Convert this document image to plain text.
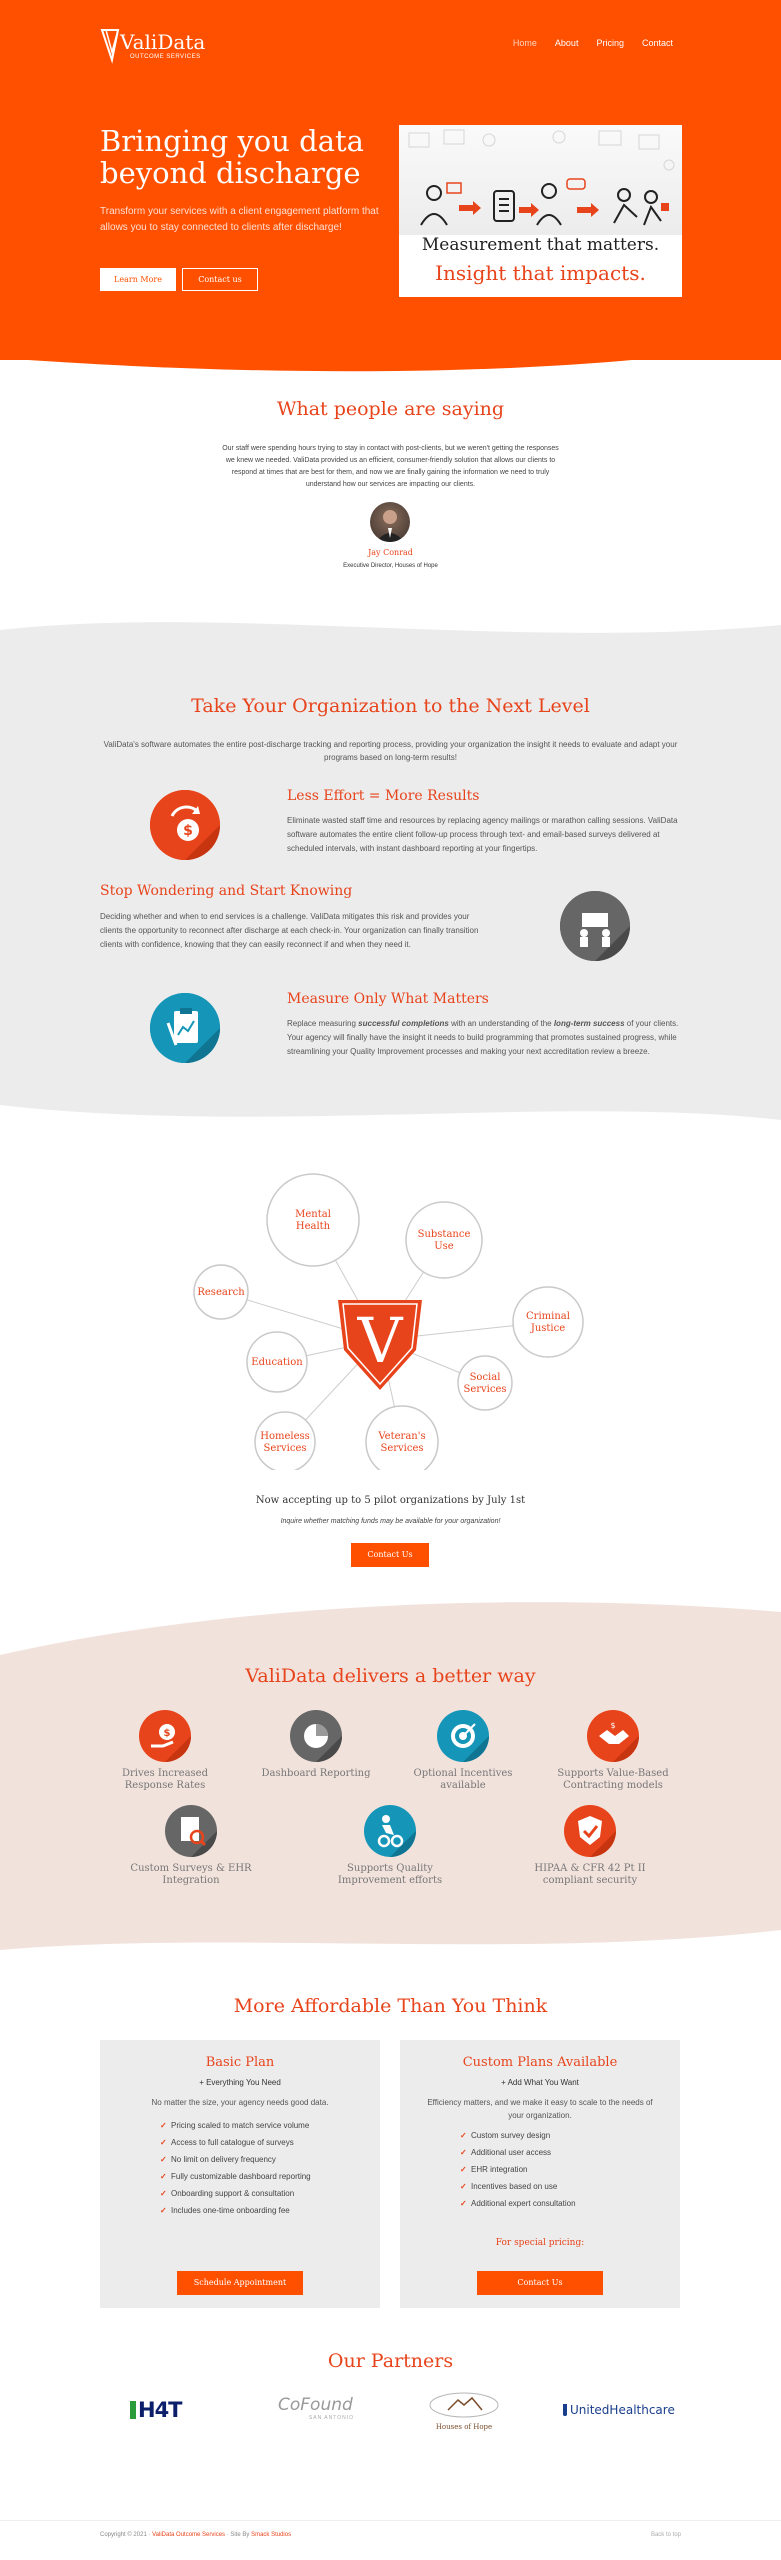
ValiData
OUTCOME SERVICES
Home About Pricing Contact
Bringing you data beyond discharge

Transform your services with a client engagement platform that allows you to stay connected to clients after discharge!

Learn More	Contact us
Measurement that matters.
Insight that impacts.
What people are saying

Our staff were spending hours trying to stay in contact with post-clients, but we weren't getting the responses we knew we needed. ValiData provided us an efficient, consumer-friendly solution that allows our clients to respond at times that are best for them, and now we are finally gaining the information we need to truly understand how our services are impacting our clients.

Jay Conrad
Executive Director, Houses of Hope
Take Your Organization to the Next Level

ValiData's software automates the entire post-discharge tracking and reporting process, providing your organization the insight it needs to evaluate and adapt your programs based on long-term results!

$
Less Effort = More Results

Eliminate wasted staff time and resources by replacing agency mailings or marathon calling sessions. ValiData software automates the entire client follow-up process through text- and email-based surveys delivered at scheduled intervals, with instant dashboard reporting at your fingertips.

Stop Wondering and Start Knowing

Deciding whether and when to end services is a challenge. ValiData mitigates this risk and provides your clients the opportunity to reconnect after discharge at each check-in. Your organization can finally transition clients with confidence, knowing that they can easily reconnect if and when they need it.

Measure Only What Matters

Replace measuring successful completions with an understanding of the long-term success of your clients. Your agency will finally have the insight it needs to build programming that promotes sustained progress, while streamlining your Quality Improvement processes and making your next accreditation review a breeze.

V
Mental
Health
Substance
Use
Research
Criminal
Justice
Education
Social
Services
Homeless
Services
Veteran's
Services
Now accepting up to 5 pilot organizations by July 1st
Inquire whether matching funds may be available for your organization!
Contact Us
ValiData delivers a better way
$
Drives Increased Response Rates
Dashboard Reporting	Optional Incentives available
$
Supports Value-Based Contracting models
Custom Surveys & EHR Integration
Supports Quality Improvement efforts
HIPAA & CFR 42 Pt II compliant security
More Affordable Than You Think
Basic Plan
+ Everything You Need
No matter the size, your agency needs good data.
✓ Pricing scaled to match service volume
✓ Access to full catalogue of surveys
✓ No limit on delivery frequency
✓ Fully customizable dashboard reporting
✓ Onboarding support & consultation
✓ Includes one-time onboarding fee
Schedule Appointment
Custom Plans Available
+ Add What You Want
Efficiency matters, and we make it easy to scale to the needs of your organization.
✓ Custom survey design
✓ Additional user access
✓ EHR integration
✓ Incentives based on use
✓ Additional expert consultation
For special pricing:
Contact Us
Our Partners
H4T	CoFound
SAN ANTONIO
Houses of Hope
UnitedHealthcare
Copyright © 2021 · ValiData Outcome Services · Site By Smack Studios	Back to top
